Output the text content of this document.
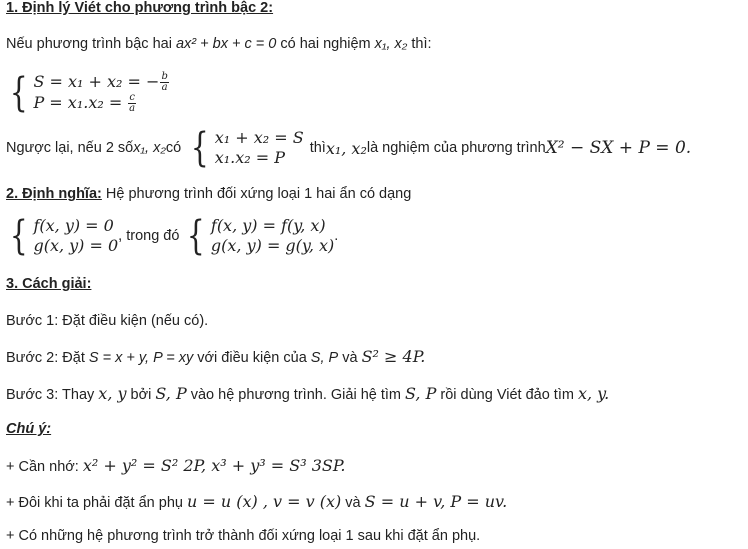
1. Định lý Viét cho phương trình bậc 2:
Nếu phương trình bậc hai ax² + bx + c = 0 có hai nghiệm x₁, x₂ thì:
{ S = x₁ + x₂ = − $\frac{b}{a}$
$P = x_1.x_2 = \frac{c}{a}$
Ngược lại, nếu 2 số x₁, x₂ có { x₁ + x₂ = S
x₁.x₂ = P	thì x₁, x₂ là nghiệm của phương trình X² − SX + P = 0.
2. Định nghĩa: Hệ phương trình đối xứng loại 1 hai ẩn có dạng
{ f(x, y) = 0
g(x, y) = 0 , trong đó { f(x, y) = f(y, x)
g(x, y) = g(y, x) .
3. Cách giải:
Bước 1: Đặt điều kiện (nếu có).
Bước 2: Đặt S = x + y, P = xy với điều kiện của S, P và S² ≥ 4P.
Bước 3: Thay x, y bởi S, P vào hệ phương trình. Giải hệ tìm S, P rồi dùng Viét đảo tìm x, y.
Chú ý:
+ Cần nhớ: x² + y² = S² 2P, x³ + y³ = S³ 3SP.
+ Đôi khi ta phải đặt ẩn phụ u = u (x) , v = v (x) và S = u + v, P = uv.
+ Có những hệ phương trình trở thành đối xứng loại 1 sau khi đặt ẩn phụ.
